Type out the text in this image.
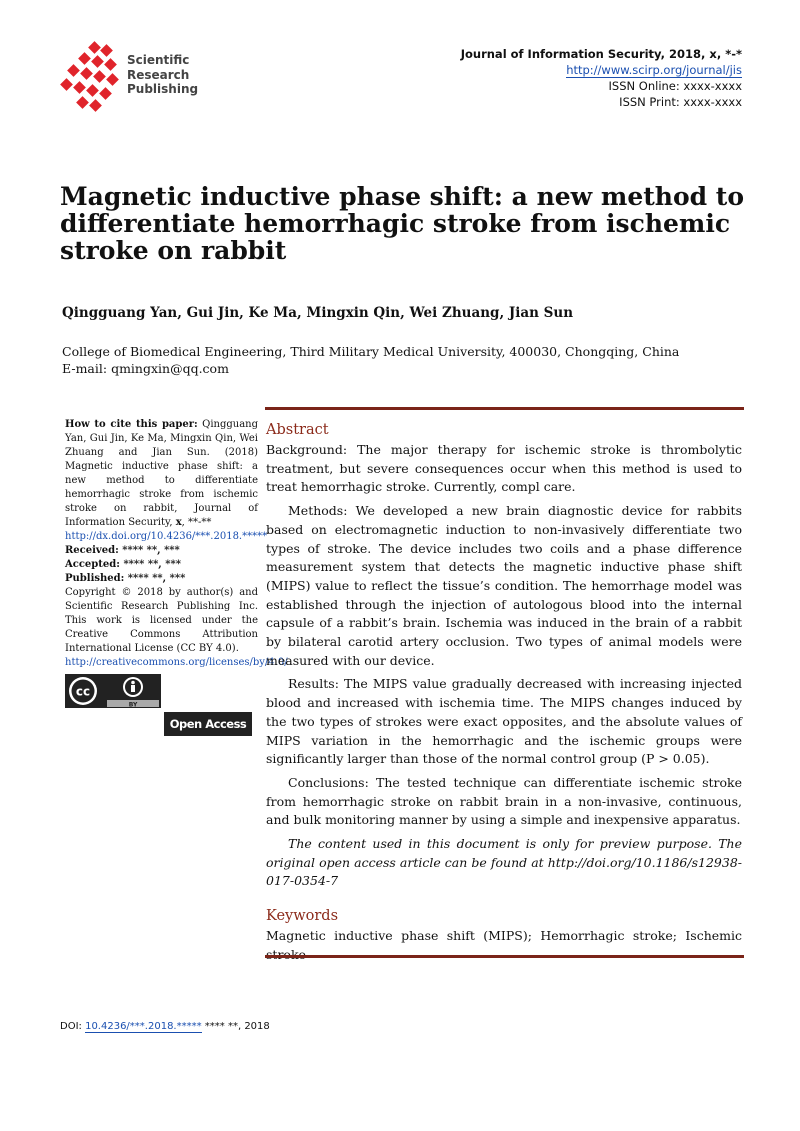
Scientific
Research
Publishing
Journal of Information Security, 2018, x, *-*
http://www.scirp.org/journal/jis
ISSN Online: xxxx-xxxx
ISSN Print: xxxx-xxxx
Magnetic inductive phase shift: a new method to differentiate hemorrhagic stroke from ischemic stroke on rabbit
Qingguang Yan, Gui Jin, Ke Ma, Mingxin Qin, Wei Zhuang, Jian Sun
College of Biomedical Engineering, Third Military Medical University, 400030, Chongqing, China
E-mail: qmingxin@qq.com

How to cite this paper: Qingguang Yan, Gui Jin, Ke Ma, Mingxin Qin, Wei Zhuang and Jian Sun. (2018) Magnetic inductive phase shift: a new method to differentiate hemorrhagic stroke from ischemic stroke on rabbit, Journal of Information Security, x, **-**

http://dx.doi.org/10.4236/***.2018.*****

Received: **** **, ***
Accepted: **** **, ***
Published: **** **, ***

Copyright © 2018 by author(s) and Scientific Research Publishing Inc. This work is licensed under the Creative Commons Attribution International License (CC BY 4.0).

http://creativecommons.org/licenses/by/4.0/

cc
BY
Open Access
Abstract

Background: The major therapy for ischemic stroke is thrombolytic treatment, but severe consequences occur when this method is used to treat hemorrhagic stroke. Currently, compl care.

Methods: We developed a new brain diagnostic device for rabbits based on electromagnetic induction to non-invasively differentiate two types of stroke. The device includes two coils and a phase difference measurement system that detects the magnetic inductive phase shift (MIPS) value to reflect the tissue’s condition. The hemorrhage model was established through the injection of autologous blood into the internal capsule of a rabbit’s brain. Ischemia was induced in the brain of a rabbit by bilateral carotid artery occlusion. Two types of animal models were measured with our device.

Results: The MIPS value gradually decreased with increasing injected blood and increased with ischemia time. The MIPS changes induced by the two types of strokes were exact opposites, and the absolute values of MIPS variation in the hemorrhagic and the ischemic groups were significantly larger than those of the normal control group (P > 0.05).

Conclusions: The tested technique can differentiate ischemic stroke from hemorrhagic stroke on rabbit brain in a non-invasive, continuous, and bulk monitoring manner by using a simple and inexpensive apparatus.

The content used in this document is only for preview purpose. The original open access article can be found at http://doi.org/10.1186/s12938-017-0354-7

Keywords

Magnetic inductive phase shift (MIPS); Hemorrhagic stroke; Ischemic

DOI: 10.4236/***.2018.***** **** **, 2018
